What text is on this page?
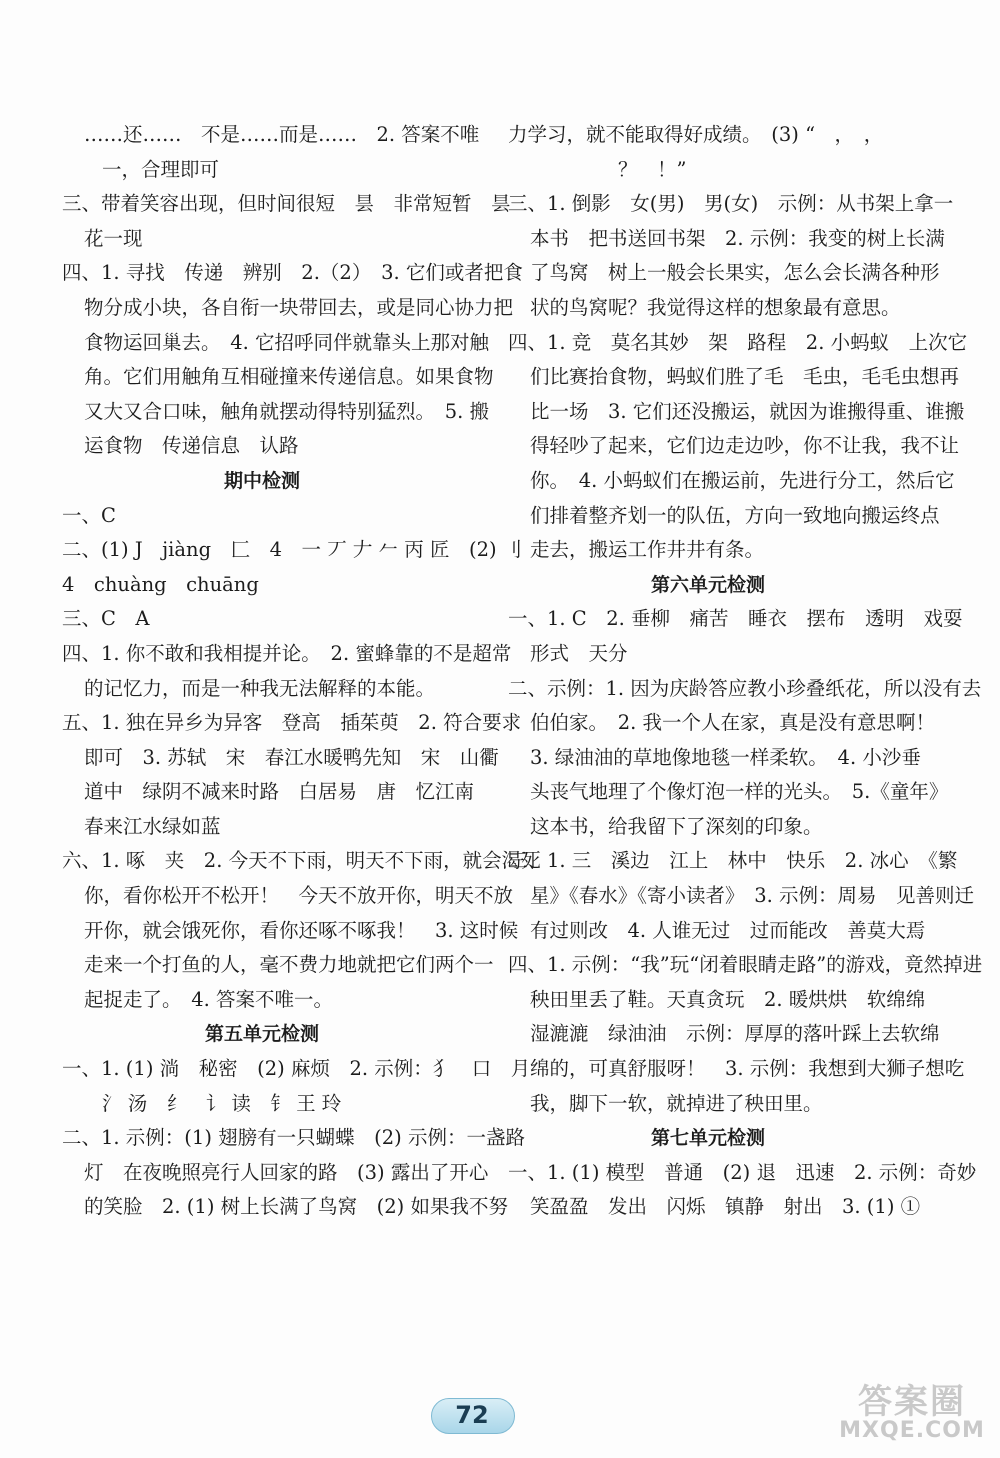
……还……　不是……而是……　2. 答案不唯
一，合理即可
三、带着笑容出现，但时间很短　昙　非常短暂　昙
花一现
四、1. 寻找　传递　辨别　2.（2）　3. 它们或者把食
物分成小块，各自衔一块带回去，或是同心协力把
食物运回巢去。　4. 它招呼同伴就靠头上那对触
角。它们用触角互相碰撞来传递信息。如果食物
又大又合口味，触角就摆动得特别猛烈。　5. 搬
运食物　传递信息　认路
期中检测
一、C
二、(1) J　jiàng　匚　4　一 丆 𠂇 𠂉 丙 匠　(2) 刂
4　chuàng　chuāng
三、C　A
四、1. 你不敢和我相提并论。　2. 蜜蜂靠的不是超常
的记忆力，而是一种我无法解释的本能。
五、1. 独在异乡为异客　登高　插茱萸　2. 符合要求
即可　3. 苏轼　宋　春江水暖鸭先知　宋　山衢
道中　绿阴不减来时路　白居易　唐　忆江南
春来江水绿如蓝
六、1. 啄　夹　2. 今天不下雨，明天不下雨，就会渴死
你，看你松开不松开！　今天不放开你，明天不放
开你，就会饿死你，看你还啄不啄我！　3. 这时候
走来一个打鱼的人，毫不费力地就把它们两个一
起捉走了。　4. 答案不唯一。
第五单元检测
一、1. (1) 淌　秘密　(2) 麻烦　2. 示例：犭　口　月
氵 汤　纟　讠 读　钅 王 玲
二、1. 示例：(1) 翅膀有一只蝴蝶　(2) 示例：一盏路
灯　在夜晚照亮行人回家的路　(3) 露出了开心
的笑脸　2. (1) 树上长满了鸟窝　(2) 如果我不努
力学习，就不能取得好成绩。　(3) “　，　，
？　！”
三、1. 倒影　女(男)　男(女)　示例：从书架上拿一
本书　把书送回书架　2. 示例：我变的树上长满
了鸟窝　树上一般会长果实，怎么会长满各种形
状的鸟窝呢？我觉得这样的想象最有意思。
四、1. 竞　莫名其妙　架　路程　2. 小蚂蚁　上次它
们比赛抬食物，蚂蚁们胜了毛　毛虫，毛毛虫想再
比一场　3. 它们还没搬运，就因为谁搬得重、谁搬
得轻吵了起来，它们边走边吵，你不让我，我不让
你。　4. 小蚂蚁们在搬运前，先进行分工，然后它
们排着整齐划一的队伍，方向一致地向搬运终点
走去，搬运工作井井有条。
第六单元检测
一、1. C　2. 垂柳　痛苦　睡衣　摆布　透明　戏耍
形式　天分
二、示例：1. 因为庆龄答应教小珍叠纸花，所以没有去
伯伯家。　2. 我一个人在家，真是没有意思啊！
3. 绿油油的草地像地毯一样柔软。　4. 小沙垂
头丧气地理了个像灯泡一样的光头。　5.《童年》
这本书，给我留下了深刻的印象。
三、1. 三　溪边　江上　林中　快乐　2. 冰心　《繁
星》《春水》《寄小读者》　3. 示例：周易　见善则迁
有过则改　4. 人谁无过　过而能改　善莫大焉
四、1. 示例：“我”玩“闭着眼睛走路”的游戏，竟然掉进
秧田里丢了鞋。天真贪玩　2. 暖烘烘　软绵绵
湿漉漉　绿油油　示例：厚厚的落叶踩上去软绵
绵的，可真舒服呀！　3. 示例：我想到大狮子想吃
我，脚下一软，就掉进了秧田里。
第七单元检测
一、1. (1) 模型　普通　(2) 退　迅速　2. 示例：奇妙
笑盈盈　发出　闪烁　镇静　射出　3. (1) ①
72	答案圈
MXQE.COM
